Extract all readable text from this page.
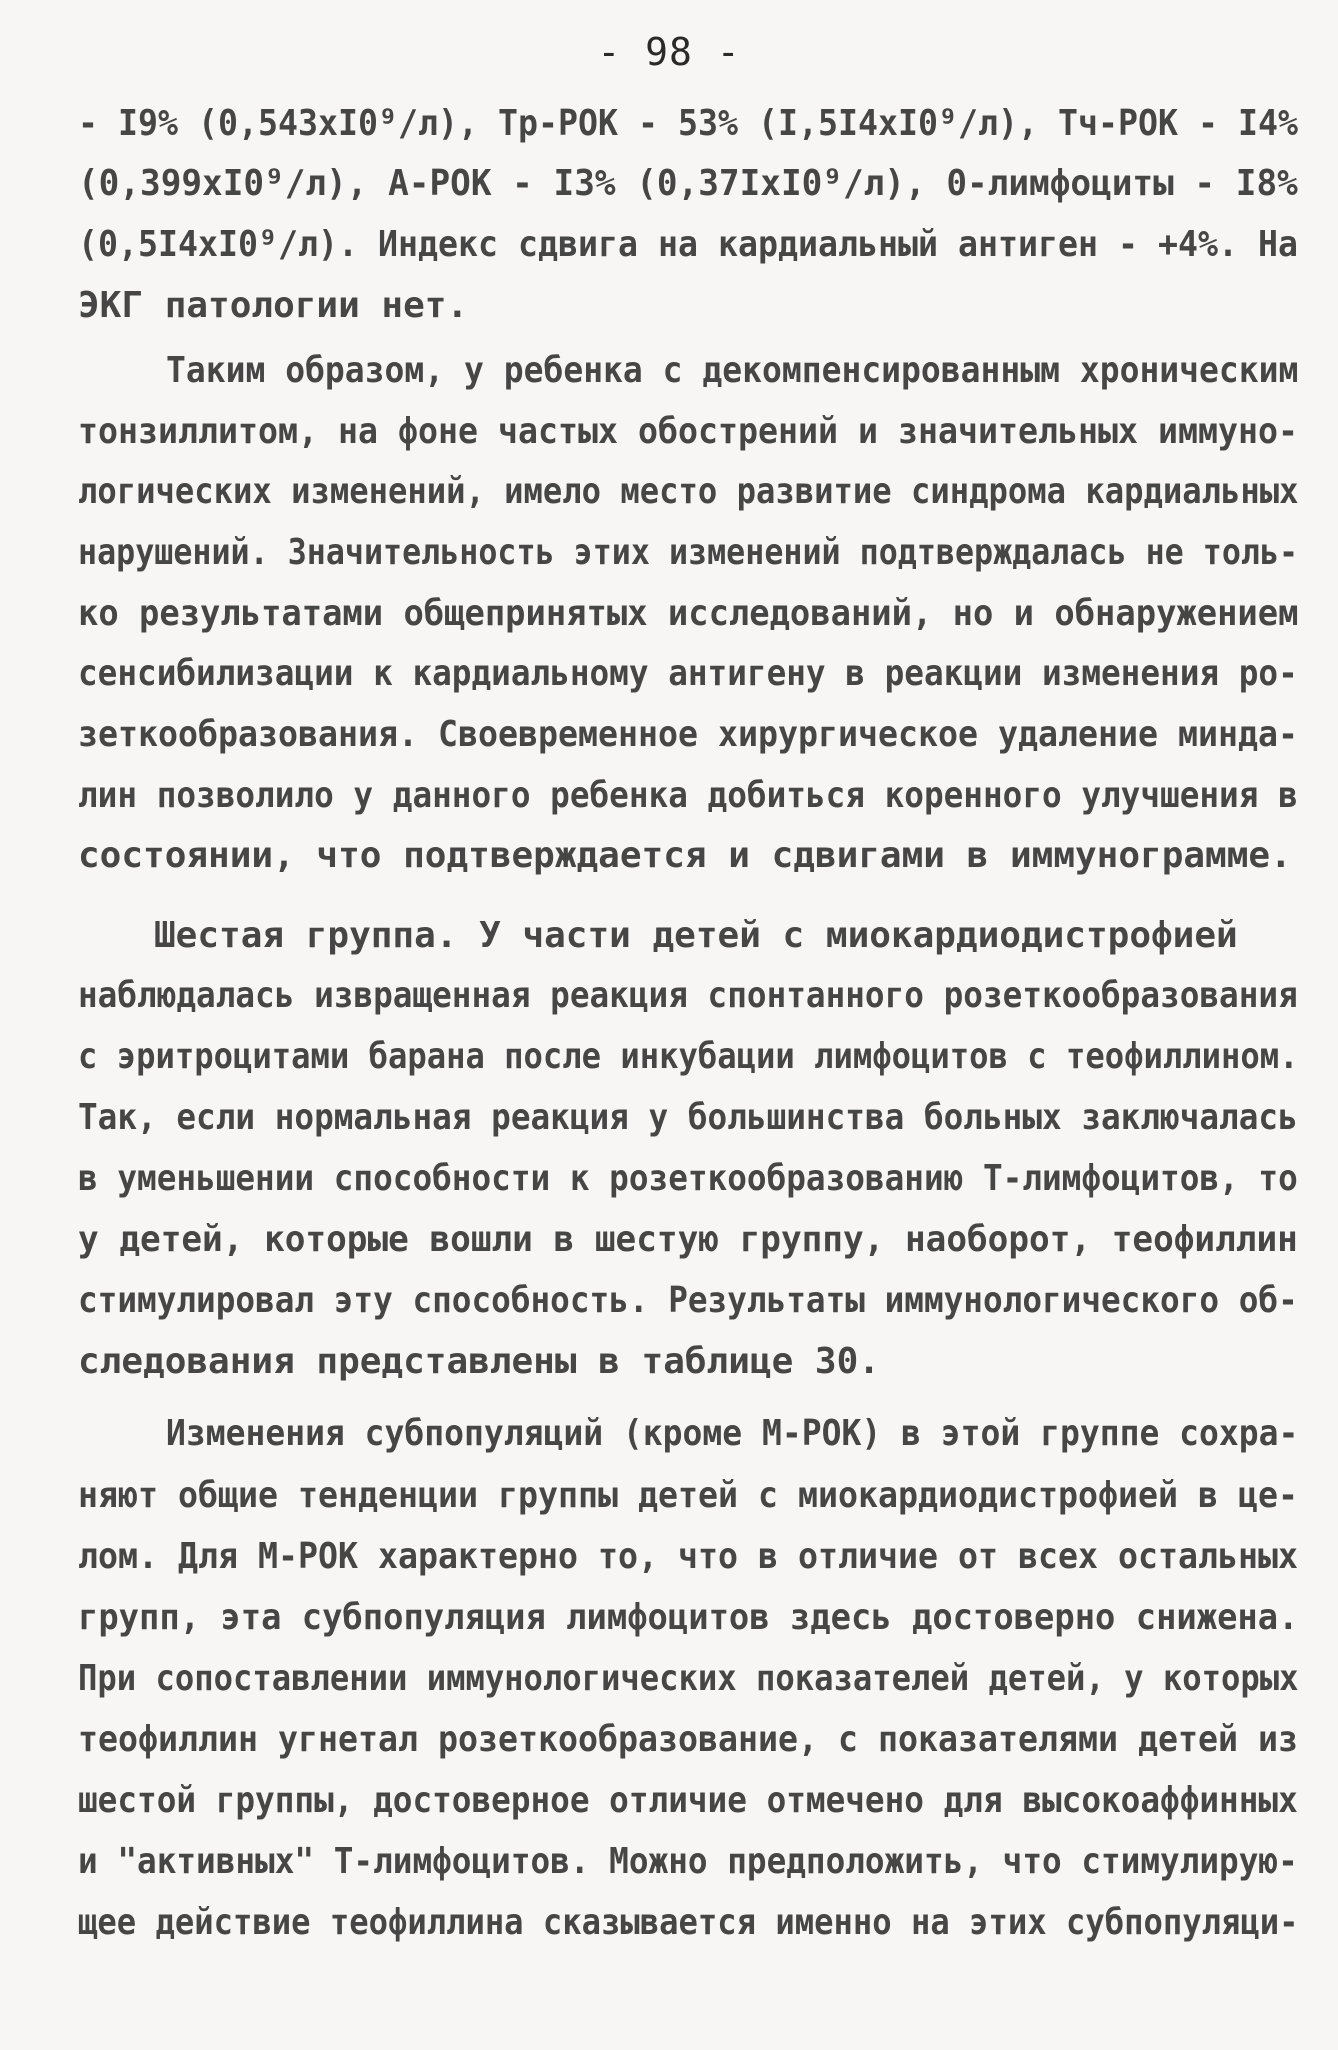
- 98 -
- I9% (0,543xI0⁹/л), Тр-РОК - 53% (I,5I4xI0⁹/л), Тч-РОК - I4%
(0,399xI0⁹/л), А-РОК - I3% (0,37IxI0⁹/л), 0-лимфоциты - I8%
(0,5I4xI0⁹/л). Индекс сдвига на кардиальный антиген - +4%. На
ЭКГ патологии нет.
Таким образом, у ребенка с декомпенсированным хроническим
тонзиллитом, на фоне частых обострений и значительных иммуно-
логических изменений, имело место развитие синдрома кардиальных
нарушений. Значительность этих изменений подтверждалась не толь-
ко результатами общепринятых исследований, но и обнаружением
сенсибилизации к кардиальному антигену в реакции изменения ро-
зеткообразования. Своевременное хирургическое удаление минда-
лин позволило у данного ребенка добиться коренного улучшения в
состоянии, что подтверждается и сдвигами в иммунограмме.
Шестая группа. У части детей с миокардиодистрофией
наблюдалась извращенная реакция спонтанного розеткообразования
с эритроцитами барана после инкубации лимфоцитов с теофиллином.
Так, если нормальная реакция у большинства больных заключалась
в уменьшении способности к розеткообразованию Т-лимфоцитов, то
у детей, которые вошли в шестую группу, наоборот, теофиллин
стимулировал эту способность. Результаты иммунологического об-
следования представлены в таблице 30.
Изменения субпопуляций (кроме М-РОК) в этой группе сохра-
няют общие тенденции группы детей с миокардиодистрофией в це-
лом. Для М-РОК характерно то, что в отличие от всех остальных
групп, эта субпопуляция лимфоцитов здесь достоверно снижена.
При сопоставлении иммунологических показателей детей, у которых
теофиллин угнетал розеткообразование, с показателями детей из
шестой группы, достоверное отличие отмечено для высокоаффинных
и "активных" Т-лимфоцитов. Можно предположить, что стимулирую-
щее действие теофиллина сказывается именно на этих субпопуляци-
